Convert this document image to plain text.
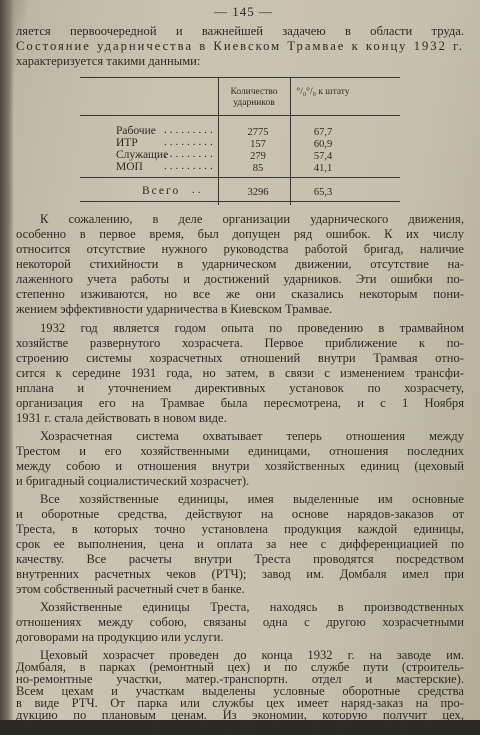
— 145 —
ляется первоочередной и важнейшей задачею в области труда.
Состояние ударничества в Киевском Трамвае к концу 1932 г.
характеризуется такими данными:
Количество ударников
°/₀°/₀ к штату
Рабочие
ИТР
Служащие
МОП
.........
.........
.........
.........
2775
157
279
85
67,7
60,9
57,4
41,1
Всего ..	3296	65,3
К сожалению, в деле организации ударнического движения,
особенно в первое время, был допущен ряд ошибок. К их числу
относится отсутствие нужного руководства работой бригад, наличие
некоторой стихийности в ударническом движении, отсутствие на-
лаженного учета работы и достижений ударников. Эти ошибки по-
степенно изживаются, но все же они сказались некоторым пони-
жением эффективности ударничества в Киевском Трамвае.
1932 год является годом опыта по проведению в трамвайном
хозяйстве развернутого хозрасчета. Первое приближение к по-
строению системы хозрасчетных отношений внутри Трамвая отно-
сится к середине 1931 года, но затем, в связи с изменением трансфи-
нплана и уточнением директивных установок по хозрасчету,
организация его на Трамвае была пересмотрена, и с 1 Ноября
1931 г. стала действовать в новом виде.
Хозрасчетная система охватывает теперь отношения между
Трестом и его хозяйственными единицами, отношения последних
между собою и отношения внутри хозяйственных единиц (цеховый
и бригадный социалистический хозрасчет).
Все хозяйственные единицы, имея выделенные им основные
и оборотные средства, действуют на основе нарядов-заказов от
Треста, в которых точно установлена продукция каждой единицы,
срок ее выполнения, цена и оплата за нее с дифференциацией по
качеству. Все расчеты внутри Треста проводятся посредством
внутренних расчетных чеков (РТЧ); завод им. Домбаля имел при
этом собственный расчетный счет в банке.
Хозяйственные единицы Треста, находясь в производственных
отношениях между собою, связаны одна с другою хозрасчетными
договорами на продукцию или услуги.
Цеховый хозрасчет проведен до конца 1932 г. на заводе им.
Домбаля, в парках (ремонтный цех) и по службе пути (строитель-
но-ремонтные участки, матер.-транспортн. отдел и мастерские).
Всем цехам и участкам выделены условные оборотные средства
в виде РТЧ. От парка или службы цех имеет наряд-заказ на про-
дукцию по плановым ценам. Из экономии, которую получит цех,
25 °/₀ остается в его распоряжении на социально-бытовые нужды.
